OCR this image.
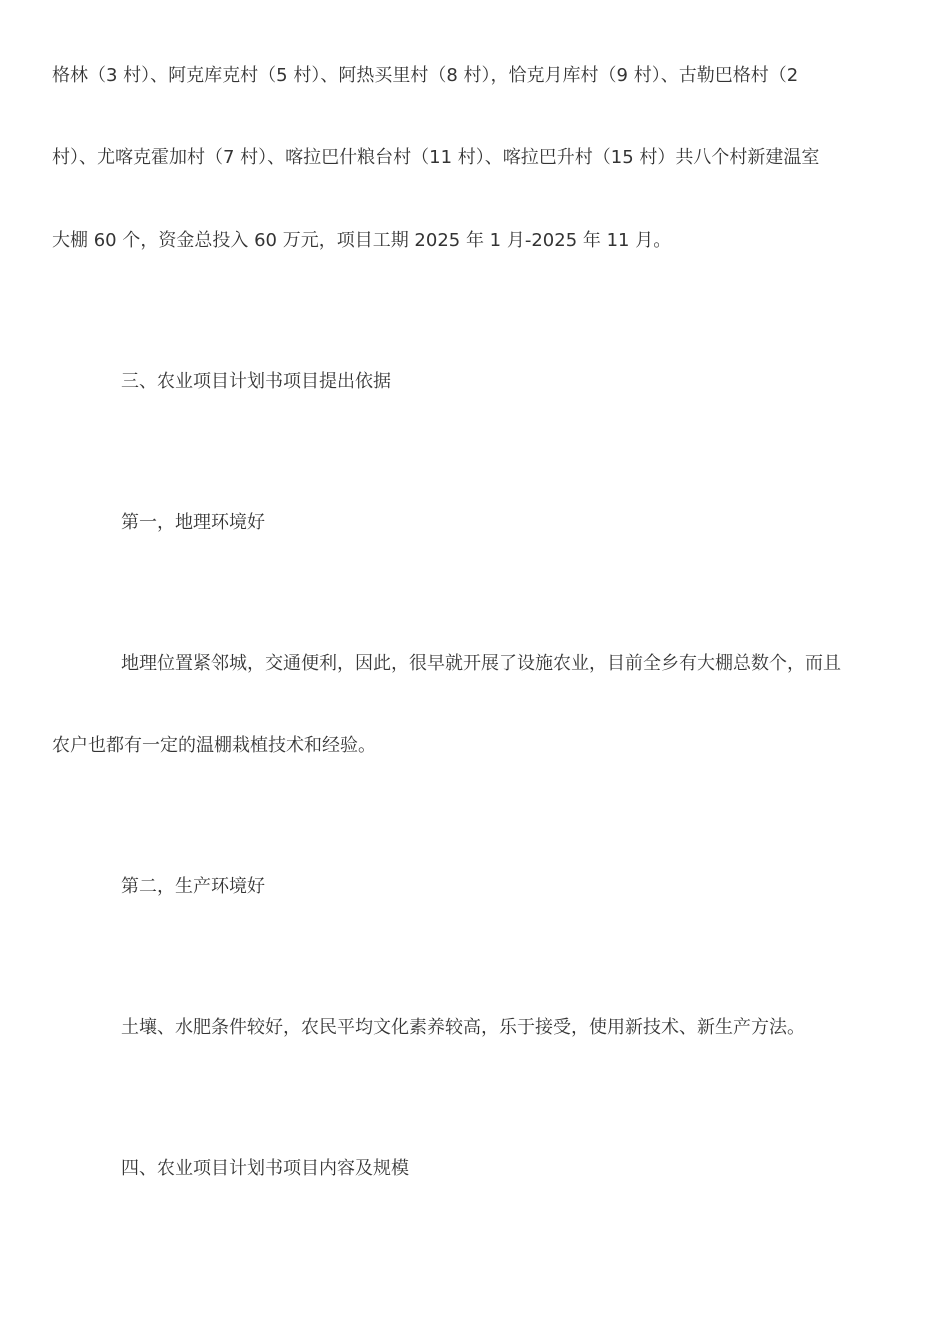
格林（3 村）、阿克库克村（5 村）、阿热买里村（8 村），恰克月库村（9 村）、古勒巴格村（2
村）、尤喀克霍加村（7 村）、喀拉巴什粮台村（11 村）、喀拉巴升村（15 村）共八个村新建温室
大棚 60 个，资金总投入 60 万元，项目工期 2025 年 1 月-2025 年 11 月。
三、农业项目计划书项目提出依据
第一，地理环境好
地理位置紧邻城，交通便利，因此，很早就开展了设施农业，目前全乡有大棚总数个，而且
农户也都有一定的温棚栽植技术和经验。
第二，生产环境好
土壤、水肥条件较好，农民平均文化素养较高，乐于接受，使用新技术、新生产方法。
四、农业项目计划书项目内容及规模
